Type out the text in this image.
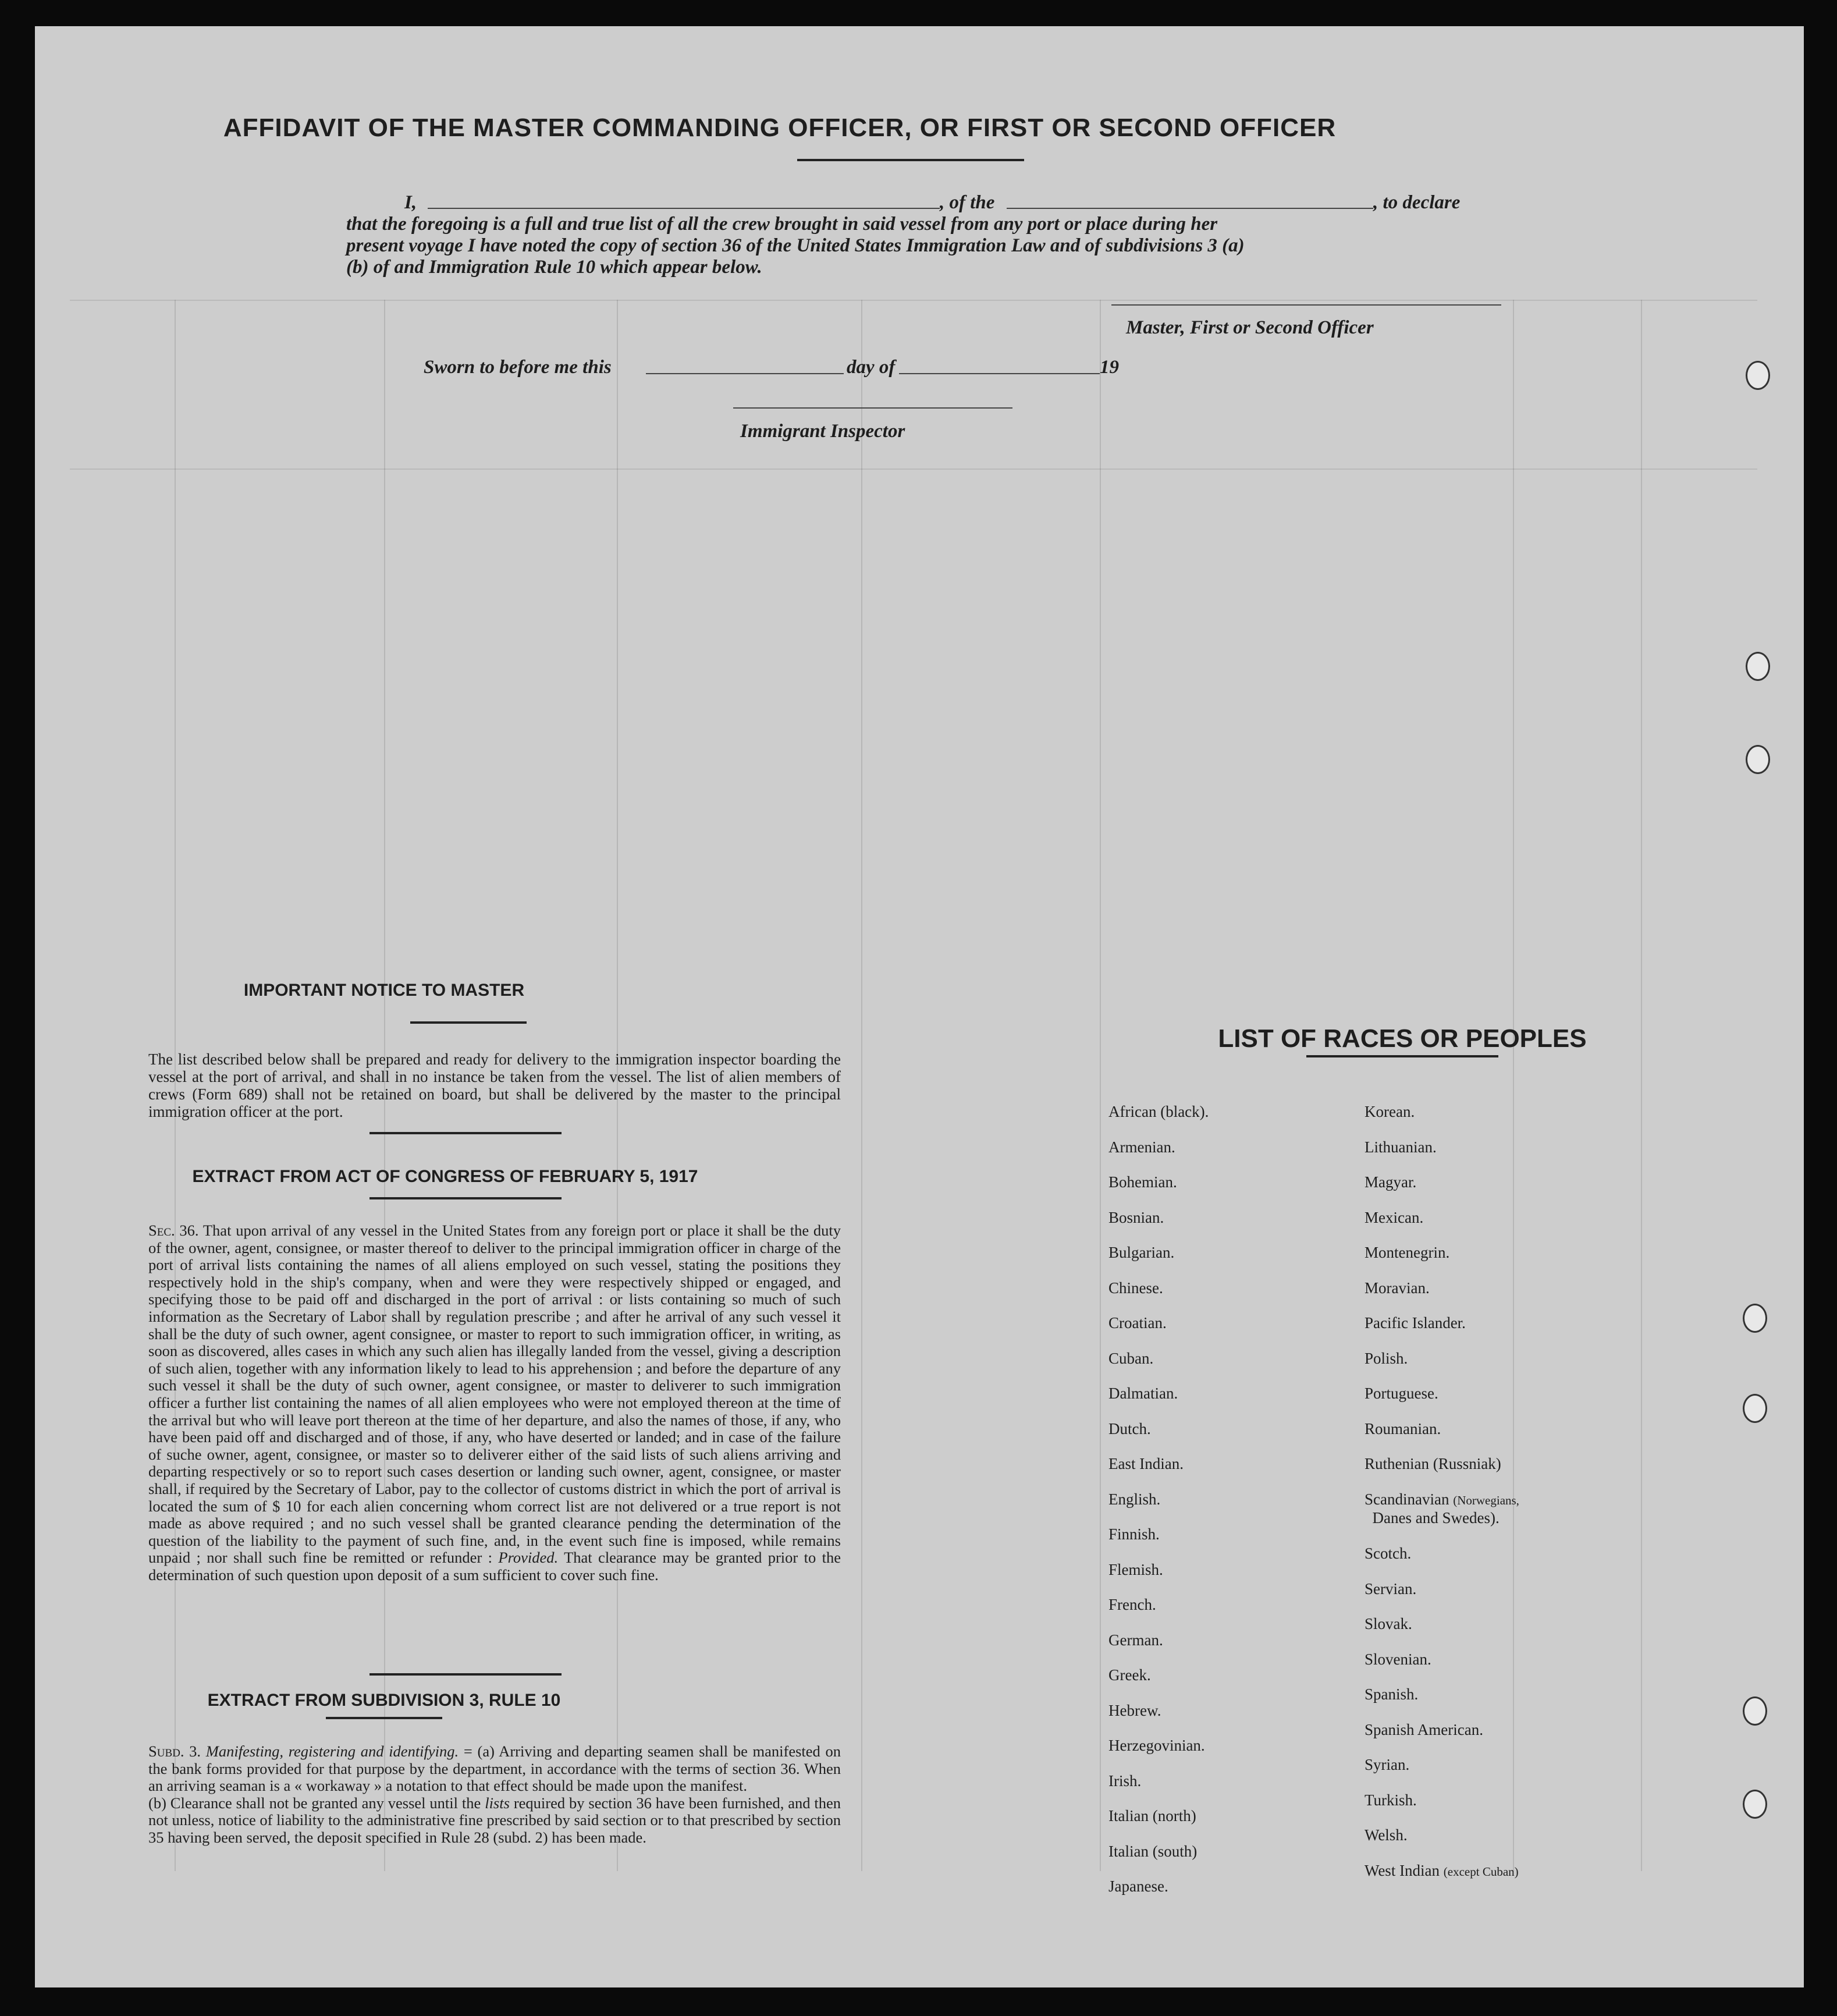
AFFIDAVIT OF THE MASTER COMMANDING OFFICER, OR FIRST OR SECOND OFFICER
I,	, of the	, to declare
that the foregoing is a full and true list of all the crew brought in said vessel from any port or place during her
present voyage I have noted the copy of section 36 of the United States Immigration Law and of subdivisions 3 (a)
(b) of and Immigration Rule 10 which appear below.
Master, First or Second Officer
Sworn to before me this	day of	19
Immigrant Inspector
IMPORTANT NOTICE TO MASTER
The list described below shall be prepared and ready for delivery to the immigration inspector boarding the vessel at the port of arrival, and shall in no instance be taken from the vessel. The list of alien members of crews (Form 689) shall not be retained on board, but shall be delivered by the master to the principal immigration officer at the port.
EXTRACT FROM ACT OF CONGRESS OF FEBRUARY 5, 1917
Sec. 36. That upon arrival of any vessel in the United States from any foreign port or place it shall be the duty of the owner, agent, consignee, or master thereof to deliver to the principal immigration officer in charge of the port of arrival lists containing the names of all aliens employed on such vessel, stating the positions they respectively hold in the ship's company, when and were they were respectively shipped or engaged, and specifying those to be paid off and discharged in the port of arrival : or lists containing so much of such information as the Secretary of Labor shall by regulation prescribe ; and after he arrival of any such vessel it shall be the duty of such owner, agent consignee, or master to report to such immigration officer, in writing, as soon as discovered, alles cases in which any such alien has illegally landed from the vessel, giving a description of such alien, together with any information likely to lead to his apprehension ; and before the departure of any such vessel it shall be the duty of such owner, agent consignee, or master to deliverer to such immigration officer a further list containing the names of all alien employees who were not employed thereon at the time of the arrival but who will leave port thereon at the time of her departure, and also the names of those, if any, who have been paid off and discharged and of those, if any, who have deserted or landed; and in case of the failure of suche owner, agent, consignee, or master so to deliverer either of the said lists of such aliens arriving and departing respectively or so to report such cases desertion or landing such owner, agent, consignee, or master shall, if required by the Secretary of Labor, pay to the collector of customs district in which the port of arrival is located the sum of $ 10 for each alien concerning whom correct list are not delivered or a true report is not made as above required ; and no such vessel shall be granted clearance pending the determination of the question of the liability to the payment of such fine, and, in the event such fine is imposed, while remains unpaid ; nor shall such fine be remitted or refunder : Provided. That clearance may be granted prior to the determination of such question upon deposit of a sum sufficient to cover such fine.
EXTRACT FROM SUBDIVISION 3, RULE 10
Subd. 3. Manifesting, registering and identifying. = (a) Arriving and departing seamen shall be manifested on the bank forms provided for that purpose by the department, in accordance with the terms of section 36. When an arriving seaman is a « workaway » a notation to that effect should be made upon the manifest.
(b) Clearance shall not be granted any vessel until the lists required by section 36 have been furnished, and then not unless, notice of liability to the administrative fine prescribed by said section or to that prescribed by section 35 having been served, the deposit specified in Rule 28 (subd. 2) has been made.
LIST OF RACES OR PEOPLES
African (black).
Armenian.
Bohemian.
Bosnian.
Bulgarian.
Chinese.
Croatian.
Cuban.
Dalmatian.
Dutch.
East Indian.
English.
Finnish.
Flemish.
French.
German.
Greek.
Hebrew.
Herzegovinian.
Irish.
Italian (north)
Italian (south)
Japanese.
Korean.
Lithuanian.
Magyar.
Mexican.
Montenegrin.
Moravian.
Pacific Islander.
Polish.
Portuguese.
Roumanian.
Ruthenian (Russniak)
Scandinavian (Norwegians,
Danes and Swedes).
Scotch.
Servian.
Slovak.
Slovenian.
Spanish.
Spanish American.
Syrian.
Turkish.
Welsh.
West Indian (except Cuban)
